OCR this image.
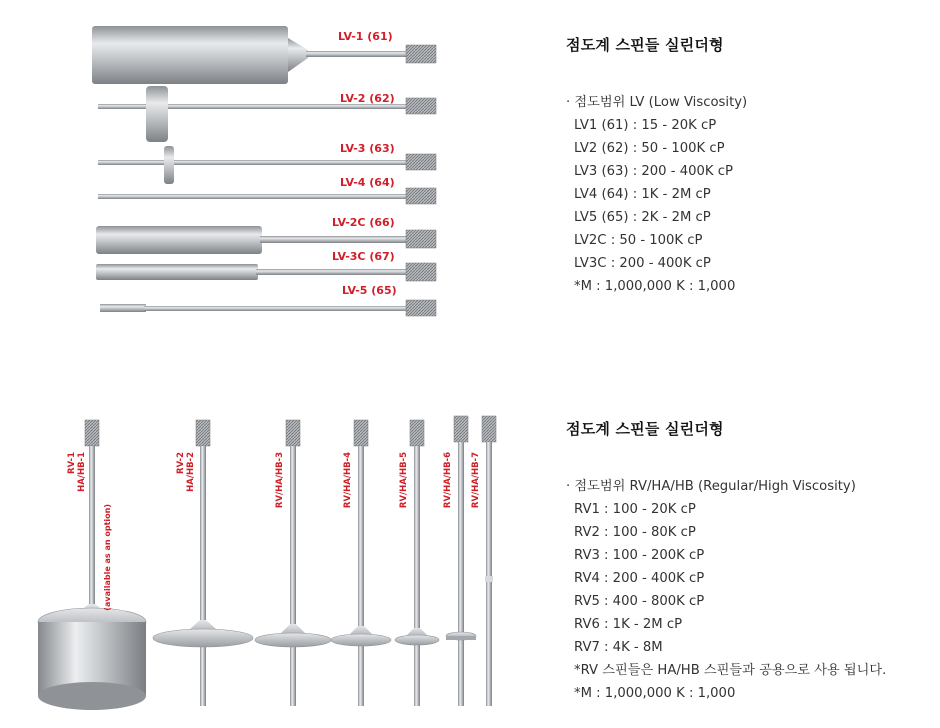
LV-1 (61)
LV-2 (62)
LV-3 (63)
LV-4 (64)
LV-2C (66)
LV-3C (67)
LV-5 (65)
점도계 스핀들 실린더형

· 점도범위 LV (Low Viscosity)

LV1 (61) : 15 - 20K cP
LV2 (62) : 50 - 100K cP
LV3 (63) : 200 - 400K cP
LV4 (64) : 1K - 2M cP
LV5 (65) : 2K - 2M cP
LV2C : 50 - 100K cP
LV3C : 200 - 400K cP
*M : 1,000,000 K : 1,000
RV-1 HA/HB-1
(available as an option)
RV-2 HA/HB-2	RV/HA/HB-3	RV/HA/HB-4	RV/HA/HB-5	RV/HA/HB-6 RV/HA/HB-7
점도계 스핀들 실린더형

· 점도범위 RV/HA/HB (Regular/High Viscosity)

RV1 : 100 - 20K cP
RV2 : 100 - 80K cP
RV3 : 100 - 200K cP
RV4 : 200 - 400K cP
RV5 : 400 - 800K cP
RV6 : 1K - 2M cP
RV7 : 4K - 8M
*RV 스핀들은 HA/HB 스핀들과 공용으로 사용 됩니다.
*M : 1,000,000 K : 1,000
